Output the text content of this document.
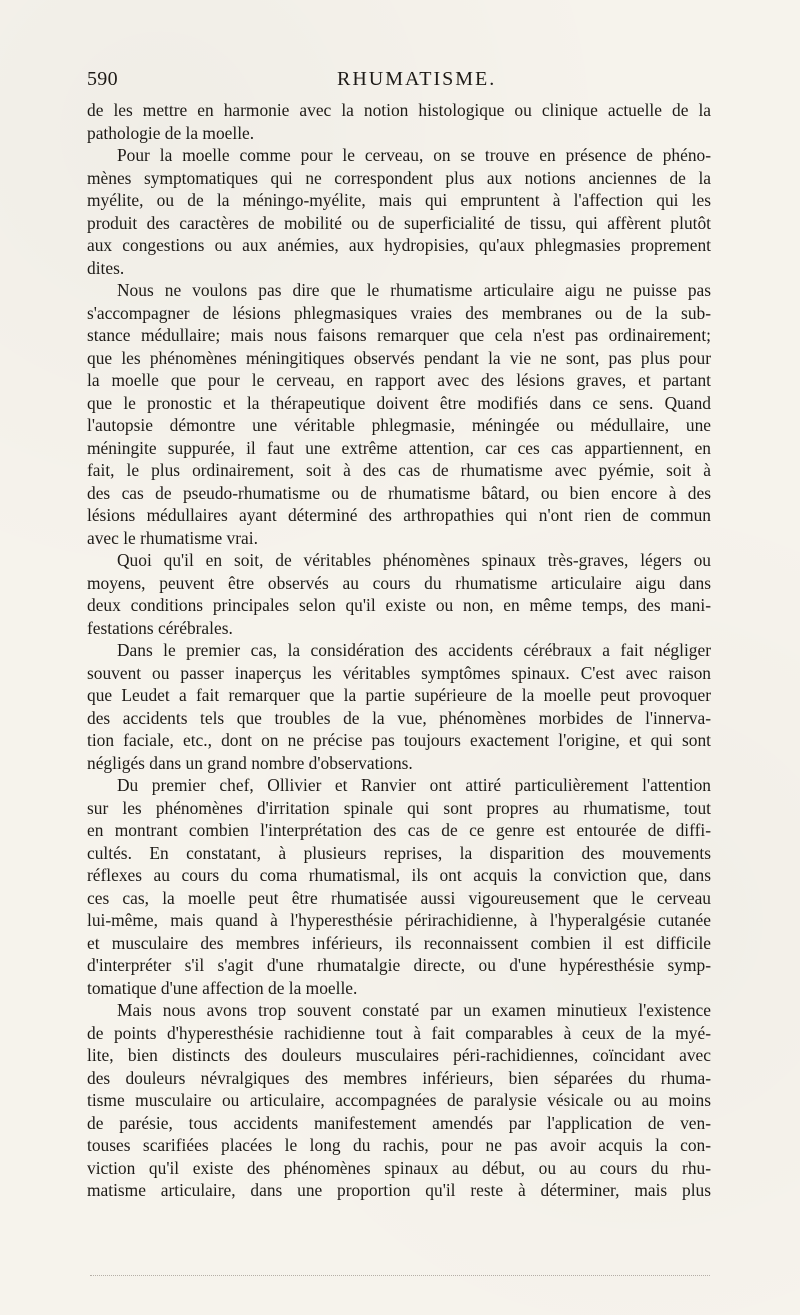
590	RHUMATISME.
de les mettre en harmonie avec la notion histologique ou clinique actuelle de la
pathologie de la moelle.
Pour la moelle comme pour le cerveau, on se trouve en présence de phéno-
mènes symptomatiques qui ne correspondent plus aux notions anciennes de la
myélite, ou de la méningo-myélite, mais qui empruntent à l'affection qui les
produit des caractères de mobilité ou de superficialité de tissu, qui affèrent plutôt
aux congestions ou aux anémies, aux hydropisies, qu'aux phlegmasies proprement
dites.
Nous ne voulons pas dire que le rhumatisme articulaire aigu ne puisse pas
s'accompagner de lésions phlegmasiques vraies des membranes ou de la sub-
stance médullaire; mais nous faisons remarquer que cela n'est pas ordinairement;
que les phénomènes méningitiques observés pendant la vie ne sont, pas plus pour
la moelle que pour le cerveau, en rapport avec des lésions graves, et partant
que le pronostic et la thérapeutique doivent être modifiés dans ce sens. Quand
l'autopsie démontre une véritable phlegmasie, méningée ou médullaire, une
méningite suppurée, il faut une extrême attention, car ces cas appartiennent, en
fait, le plus ordinairement, soit à des cas de rhumatisme avec pyémie, soit à
des cas de pseudo-rhumatisme ou de rhumatisme bâtard, ou bien encore à des
lésions médullaires ayant déterminé des arthropathies qui n'ont rien de commun
avec le rhumatisme vrai.
Quoi qu'il en soit, de véritables phénomènes spinaux très-graves, légers ou
moyens, peuvent être observés au cours du rhumatisme articulaire aigu dans
deux conditions principales selon qu'il existe ou non, en même temps, des mani-
festations cérébrales.
Dans le premier cas, la considération des accidents cérébraux a fait négliger
souvent ou passer inaperçus les véritables symptômes spinaux. C'est avec raison
que Leudet a fait remarquer que la partie supérieure de la moelle peut provoquer
des accidents tels que troubles de la vue, phénomènes morbides de l'innerva-
tion faciale, etc., dont on ne précise pas toujours exactement l'origine, et qui sont
négligés dans un grand nombre d'observations.
Du premier chef, Ollivier et Ranvier ont attiré particulièrement l'attention
sur les phénomènes d'irritation spinale qui sont propres au rhumatisme, tout
en montrant combien l'interprétation des cas de ce genre est entourée de diffi-
cultés. En constatant, à plusieurs reprises, la disparition des mouvements
réflexes au cours du coma rhumatismal, ils ont acquis la conviction que, dans
ces cas, la moelle peut être rhumatisée aussi vigoureusement que le cerveau
lui-même, mais quand à l'hyperesthésie périrachidienne, à l'hyperalgésie cutanée
et musculaire des membres inférieurs, ils reconnaissent combien il est difficile
d'interpréter s'il s'agit d'une rhumatalgie directe, ou d'une hypéresthésie symp-
tomatique d'une affection de la moelle.
Mais nous avons trop souvent constaté par un examen minutieux l'existence
de points d'hyperesthésie rachidienne tout à fait comparables à ceux de la myé-
lite, bien distincts des douleurs musculaires péri-rachidiennes, coïncidant avec
des douleurs névralgiques des membres inférieurs, bien séparées du rhuma-
tisme musculaire ou articulaire, accompagnées de paralysie vésicale ou au moins
de parésie, tous accidents manifestement amendés par l'application de ven-
touses scarifiées placées le long du rachis, pour ne pas avoir acquis la con-
viction qu'il existe des phénomènes spinaux au début, ou au cours du rhu-
matisme articulaire, dans une proportion qu'il reste à déterminer, mais plus
